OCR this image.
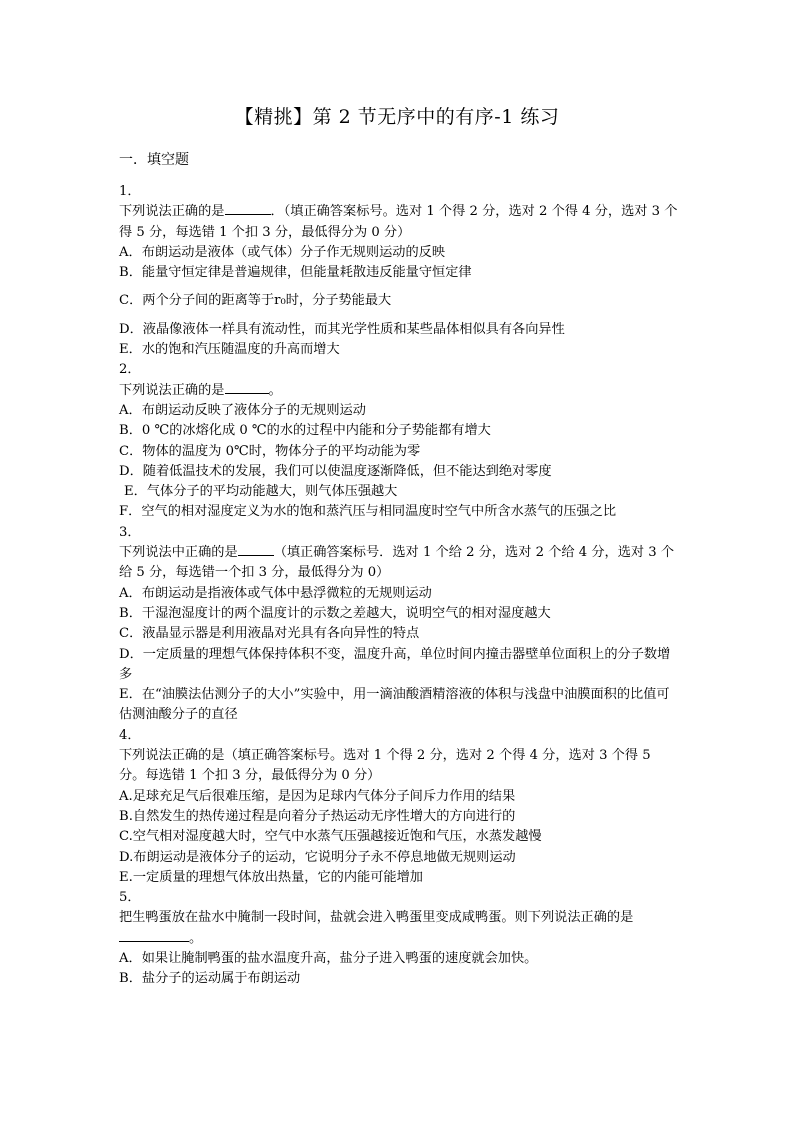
【精挑】第 2 节无序中的有序-1 练习
一．填空题
1．
下列说法正确的是	．（填正确答案标号。选对 1 个得 2 分，选对 2 个得 4 分，选对 3 个得 5 分，每选错 1 个扣 3 分，最低得分为 0 分）
A．布朗运动是液体（或气体）分子作无规则运动的反映
B．能量守恒定律是普遍规律，但能量耗散违反能量守恒定律
C．两个分子间的距离等于r₀时，分子势能最大
D．液晶像液体一样具有流动性，而其光学性质和某些晶体相似具有各向异性
E．水的饱和汽压随温度的升高而增大
2．
下列说法正确的是	。
A．布朗运动反映了液体分子的无规则运动
B．0 ℃的冰熔化成 0 ℃的水的过程中内能和分子势能都有增大
C．物体的温度为 0℃时，物体分子的平均动能为零
D．随着低温技术的发展，我们可以使温度逐渐降低，但不能达到绝对零度
E．气体分子的平均动能越大，则气体压强越大
F．空气的相对湿度定义为水的饱和蒸汽压与相同温度时空气中所含水蒸气的压强之比
3．
下列说法中正确的是	（填正确答案标号．选对 1 个给 2 分，选对 2 个给 4 分，选对 3 个给 5 分，每选错一个扣 3 分，最低得分为 0）
A．布朗运动是指液体或气体中悬浮微粒的无规则运动
B．干湿泡湿度计的两个温度计的示数之差越大，说明空气的相对湿度越大
C．液晶显示器是利用液晶对光具有各向异性的特点
D．一定质量的理想气体保持体积不变，温度升高，单位时间内撞击器壁单位面积上的分子数增多
E．在“油膜法估测分子的大小”实验中，用一滴油酸酒精溶液的体积与浅盘中油膜面积的比值可估测油酸分子的直径
4．
下列说法正确的是（填正确答案标号。选对 1 个得 2 分，选对 2 个得 4 分，选对 3 个得 5 分。每选错 1 个扣 3 分，最低得分为 0 分）
A.足球充足气后很难压缩，是因为足球内气体分子间斥力作用的结果
B.自然发生的热传递过程是向着分子热运动无序性增大的方向进行的
C.空气相对湿度越大时，空气中水蒸气压强越接近饱和气压，水蒸发越慢
D.布朗运动是液体分子的运动，它说明分子永不停息地做无规则运动
E.一定质量的理想气体放出热量，它的内能可能增加
5．
把生鸭蛋放在盐水中腌制一段时间，盐就会进入鸭蛋里变成咸鸭蛋。则下列说法正确的是。
A．如果让腌制鸭蛋的盐水温度升高，盐分子进入鸭蛋的速度就会加快。
B．盐分子的运动属于布朗运动
